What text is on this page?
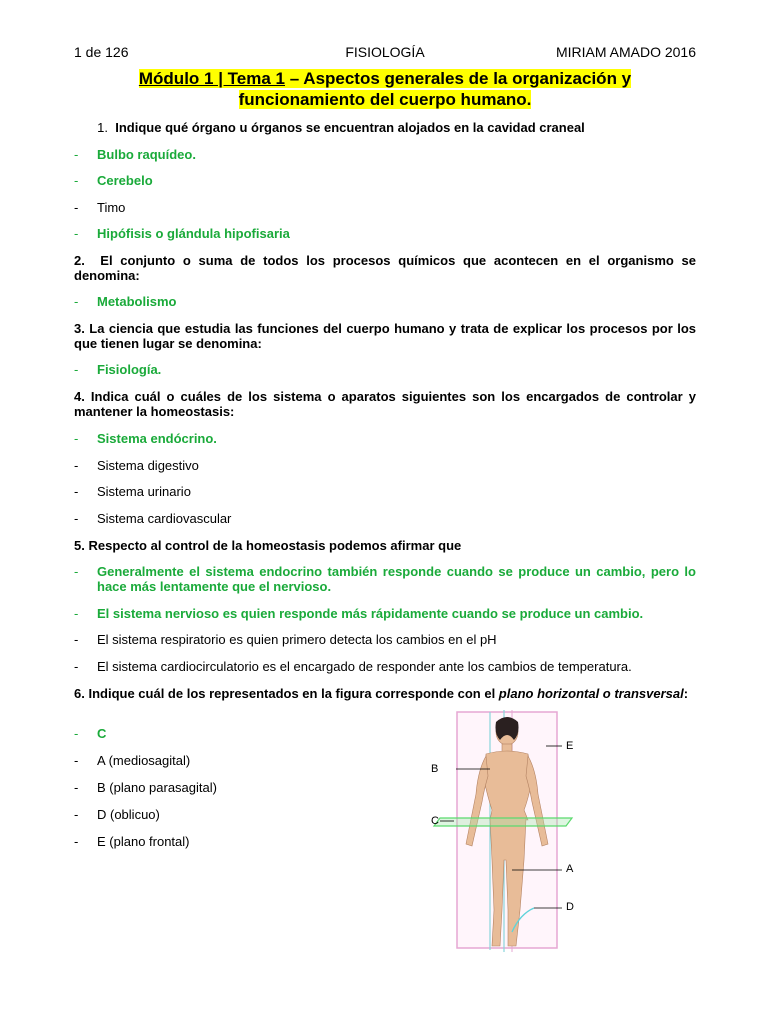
1 de 126	FISIOLOGÍA	MIRIAM AMADO 2016
Módulo 1 | Tema 1 – Aspectos generales de la organización y
funcionamiento del cuerpo humano.
1. Indique qué órgano u órganos se encuentran alojados en la cavidad craneal
- Bulbo raquídeo.
- Cerebelo
- Timo
- Hipófisis o glándula hipofisaria
2. El conjunto o suma de todos los procesos químicos que acontecen en el organismo se denomina:
- Metabolismo
3. La ciencia que estudia las funciones del cuerpo humano y trata de explicar los procesos por los que tienen lugar se denomina:
- Fisiología.
4. Indica cuál o cuáles de los sistema o aparatos siguientes son los encargados de controlar y mantener la homeostasis:
- Sistema endócrino.
- Sistema digestivo
- Sistema urinario
- Sistema cardiovascular
5. Respecto al control de la homeostasis podemos afirmar que
- Generalmente el sistema endocrino también responde cuando se produce un cambio, pero lo hace más lentamente que el nervioso.
- El sistema nervioso es quien responde más rápidamente cuando se produce un cambio.
- El sistema respiratorio es quien primero detecta los cambios en el pH
- El sistema cardiocirculatorio es el encargado de responder ante los cambios de temperatura.
6. Indique cuál de los representados en la figura corresponde con el plano horizontal o transversal:
- C
- A (mediosagital)
- B (plano parasagital)
- D (oblicuo)
- E (plano frontal)
B
E
C
A
D
